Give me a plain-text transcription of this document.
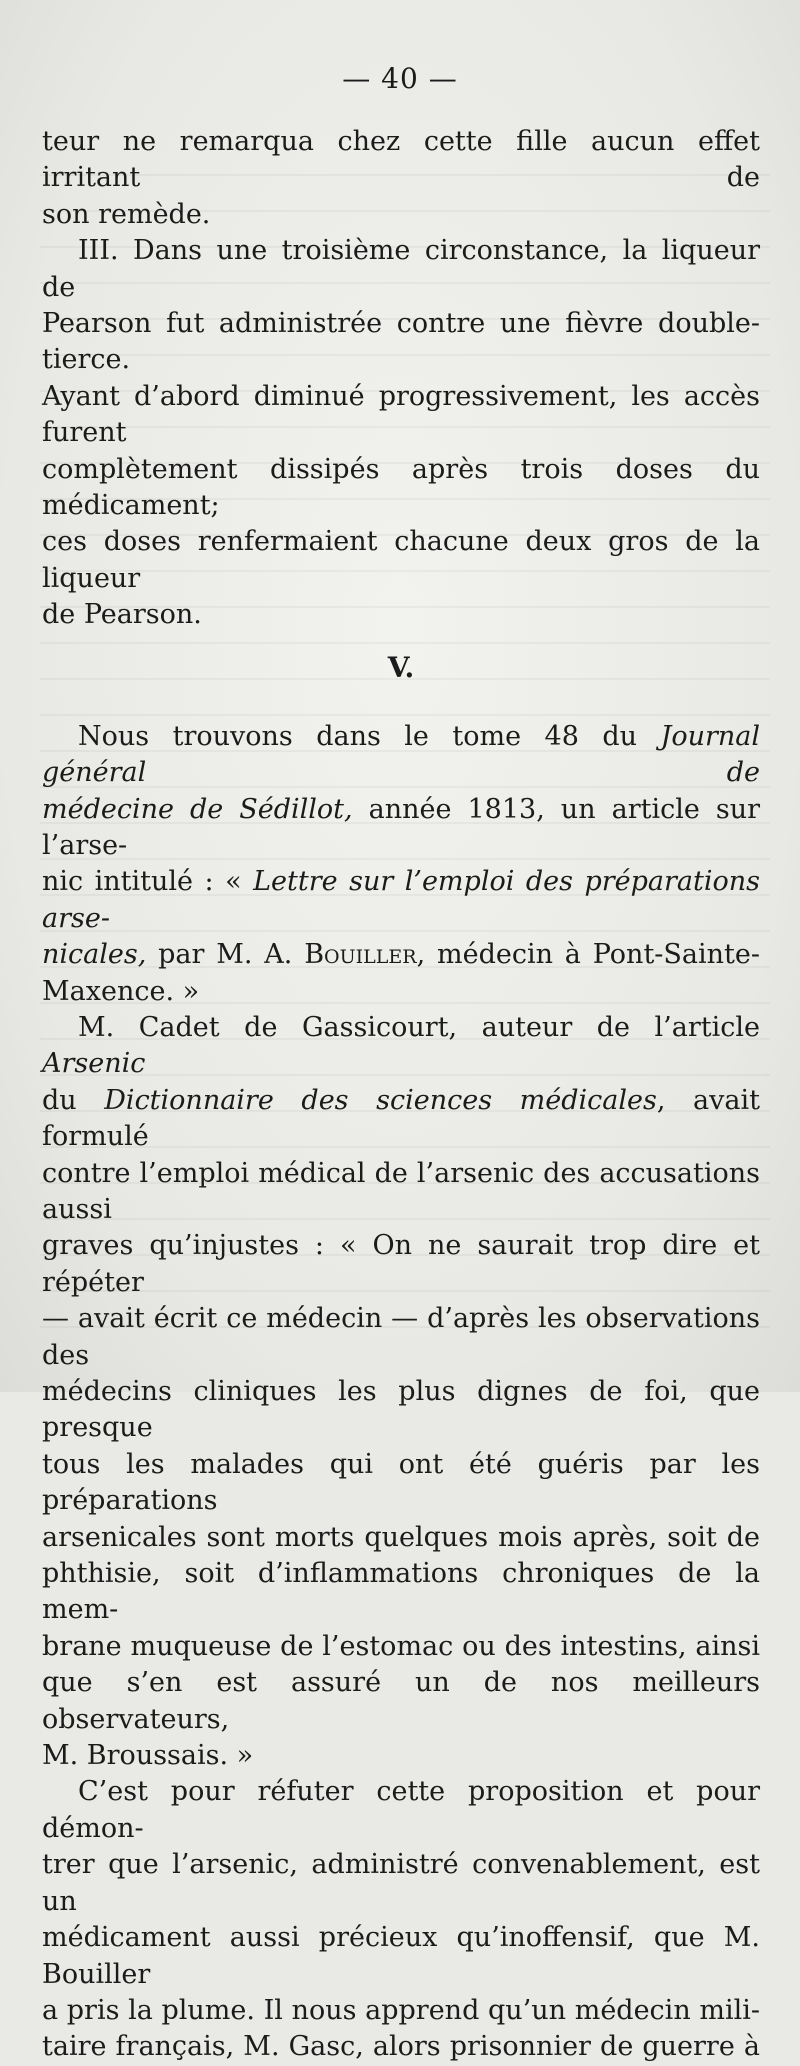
— 40 —

teur ne remarqua chez cette fille aucun effet irritant de

son remède.

III. Dans une troisième circonstance, la liqueur de

Pearson fut administrée contre une fièvre double-tierce.

Ayant d’abord diminué progressivement, les accès furent

complètement dissipés après trois doses du médicament;

ces doses renfermaient chacune deux gros de la liqueur

de Pearson.

V.

Nous trouvons dans le tome 48 du Journal général de

médecine de Sédillot, année 1813, un article sur l’arse-

nic intitulé : « Lettre sur l’emploi des préparations arse-

nicales, par M. A. Bouiller, médecin à Pont-Sainte-

Maxence. »

M. Cadet de Gassicourt, auteur de l’article Arsenic

du Dictionnaire des sciences médicales, avait formulé

contre l’emploi médical de l’arsenic des accusations aussi

graves qu’injustes : « On ne saurait trop dire et répéter

— avait écrit ce médecin — d’après les observations des

médecins cliniques les plus dignes de foi, que presque

tous les malades qui ont été guéris par les préparations

arsenicales sont morts quelques mois après, soit de

phthisie, soit d’inflammations chroniques de la mem-

brane muqueuse de l’estomac ou des intestins, ainsi

que s’en est assuré un de nos meilleurs observateurs,

M. Broussais. »

C’est pour réfuter cette proposition et pour démon-

trer que l’arsenic, administré convenablement, est un

médicament aussi précieux qu’inoffensif, que M. Bouiller

a pris la plume. Il nous apprend qu’un médecin mili-

taire français, M. Gasc, alors prisonnier de guerre à
